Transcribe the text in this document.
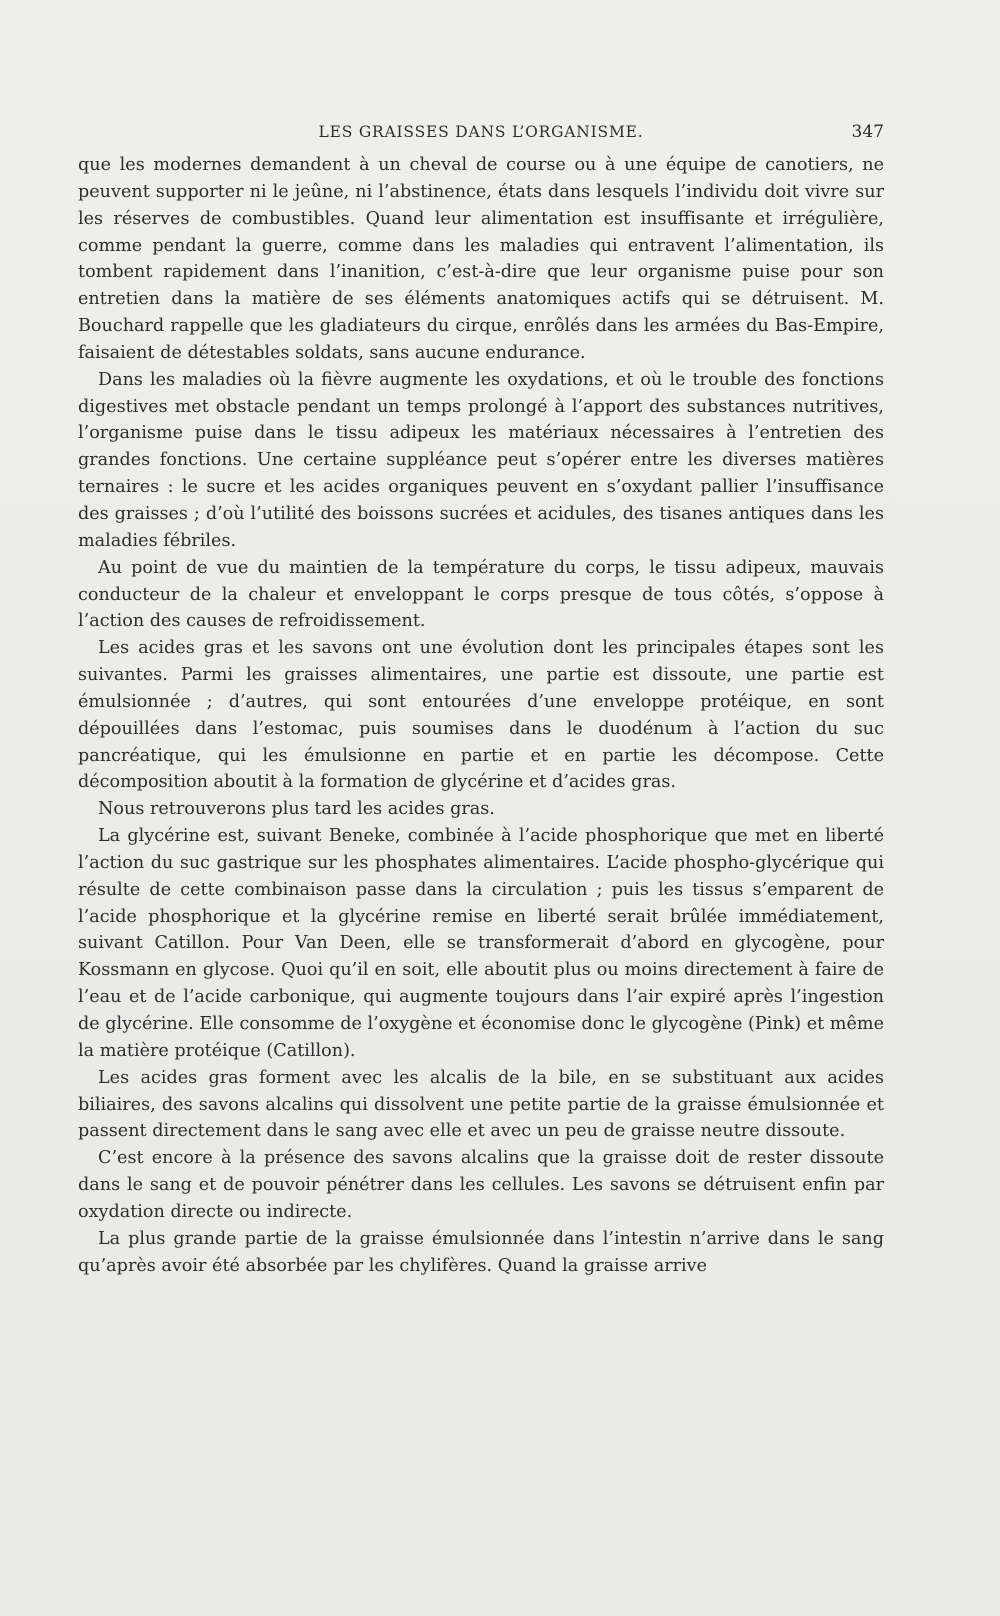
LES GRAISSES DANS L’ORGANISME.	347

que les modernes demandent à un cheval de course ou à une équipe de canotiers, ne peuvent supporter ni le jeûne, ni l’abstinence, états dans lesquels l’individu doit vivre sur les réserves de combustibles. Quand leur alimentation est insuffisante et irrégulière, comme pendant la guerre, comme dans les maladies qui entravent l’alimentation, ils tombent rapidement dans l’inanition, c’est-à-dire que leur organisme puise pour son entretien dans la matière de ses éléments anatomiques actifs qui se détruisent. M. Bouchard rappelle que les gladiateurs du cirque, enrôlés dans les armées du Bas-Empire, faisaient de détestables soldats, sans aucune endurance.

Dans les maladies où la fièvre augmente les oxydations, et où le trouble des fonctions digestives met obstacle pendant un temps prolongé à l’apport des substances nutritives, l’organisme puise dans le tissu adipeux les matériaux nécessaires à l’entretien des grandes fonctions. Une certaine suppléance peut s’opérer entre les diverses matières ternaires : le sucre et les acides organiques peuvent en s’oxydant pallier l’insuffisance des graisses ; d’où l’utilité des boissons sucrées et acidules, des tisanes antiques dans les maladies fébriles.

Au point de vue du maintien de la température du corps, le tissu adipeux, mauvais conducteur de la chaleur et enveloppant le corps presque de tous côtés, s’oppose à l’action des causes de refroidissement.

Les acides gras et les savons ont une évolution dont les principales étapes sont les suivantes. Parmi les graisses alimentaires, une partie est dissoute, une partie est émulsionnée ; d’autres, qui sont entourées d’une enveloppe protéique, en sont dépouillées dans l’estomac, puis soumises dans le duodénum à l’action du suc pancréatique, qui les émulsionne en partie et en partie les décompose. Cette décomposition aboutit à la formation de glycérine et d’acides gras.

Nous retrouverons plus tard les acides gras.

La glycérine est, suivant Beneke, combinée à l’acide phosphorique que met en liberté l’action du suc gastrique sur les phosphates alimentaires. L’acide phospho-glycérique qui résulte de cette combinaison passe dans la circulation ; puis les tissus s’emparent de l’acide phosphorique et la glycérine remise en liberté serait brûlée immédiatement, suivant Catillon. Pour Van Deen, elle se transformerait d’abord en glycogène, pour Kossmann en glycose. Quoi qu’il en soit, elle aboutit plus ou moins directement à faire de l’eau et de l’acide carbonique, qui augmente toujours dans l’air expiré après l’ingestion de glycérine. Elle consomme de l’oxygène et économise donc le glycogène (Pink) et même la matière protéique (Catillon).

Les acides gras forment avec les alcalis de la bile, en se substituant aux acides biliaires, des savons alcalins qui dissolvent une petite partie de la graisse émulsionnée et passent directement dans le sang avec elle et avec un peu de graisse neutre dissoute.

C’est encore à la présence des savons alcalins que la graisse doit de rester dissoute dans le sang et de pouvoir pénétrer dans les cellules. Les savons se détruisent enfin par oxydation directe ou indirecte.

La plus grande partie de la graisse émulsionnée dans l’intestin n’arrive dans le sang qu’après avoir été absorbée par les chylifères. Quand la graisse arrive
